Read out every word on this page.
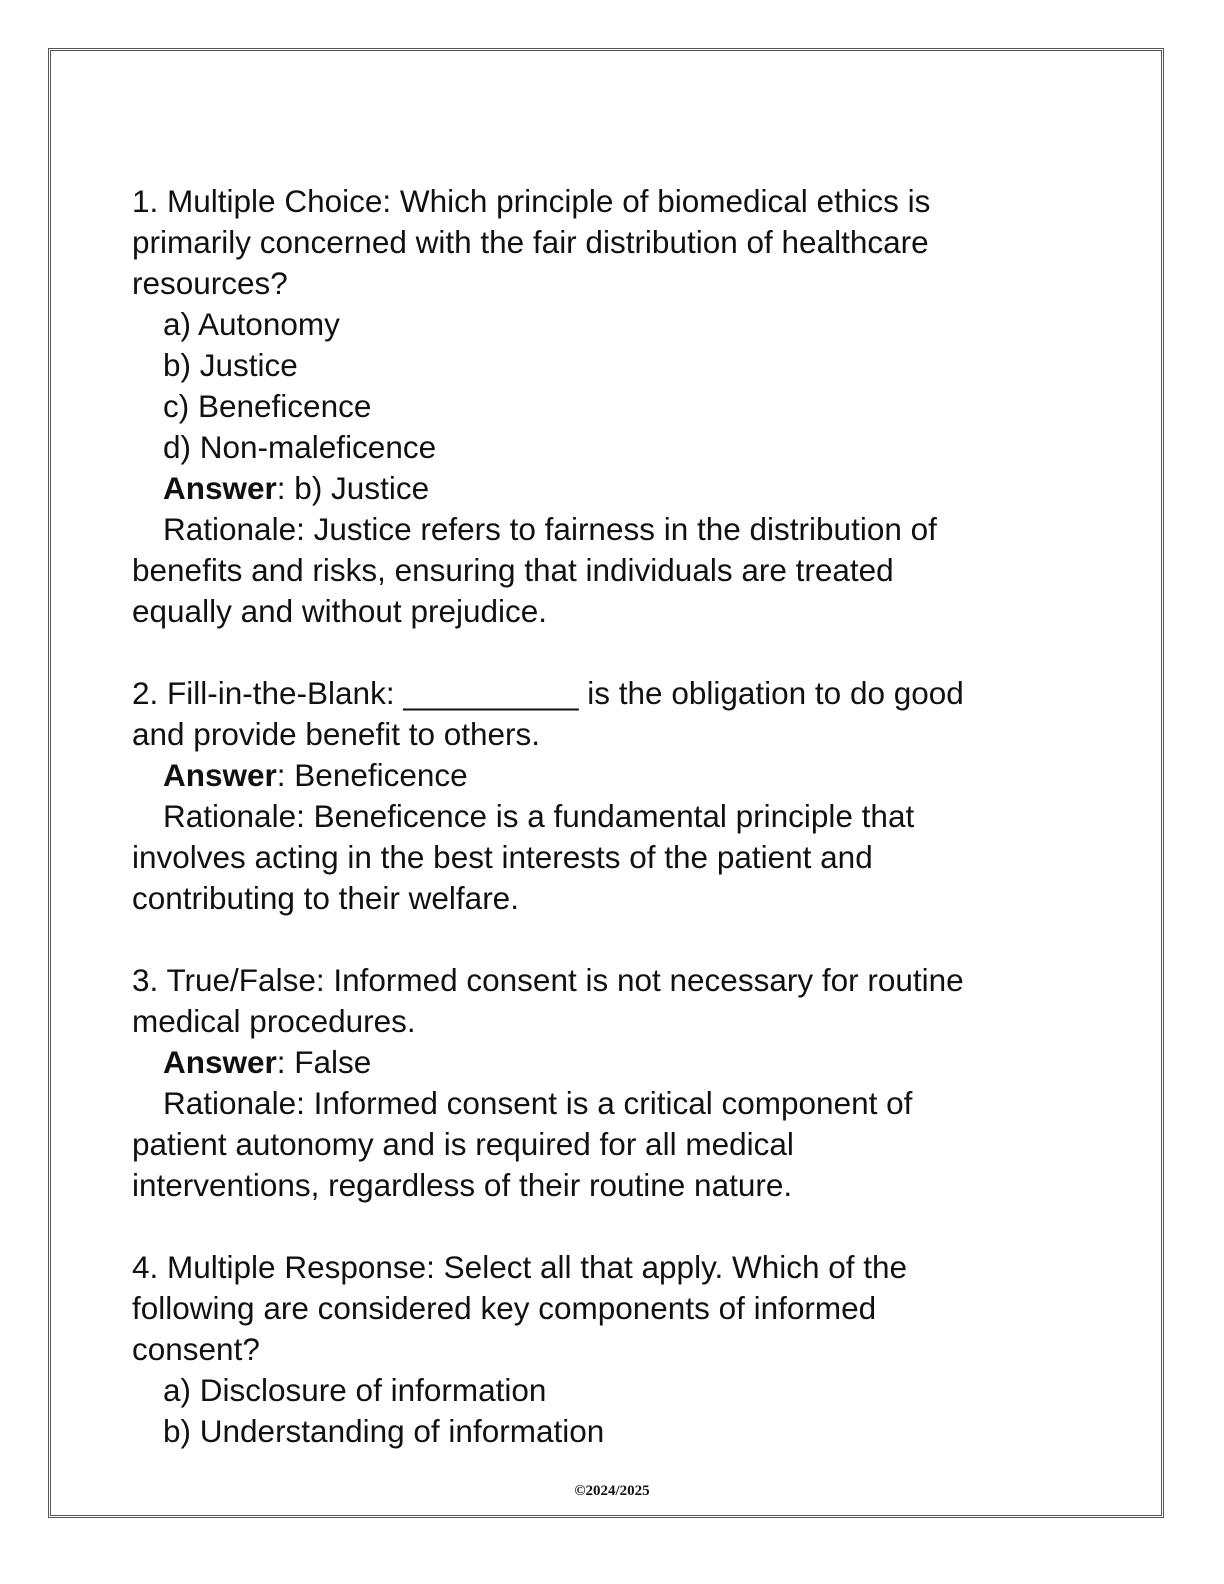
1. Multiple Choice: Which principle of biomedical ethics is

primarily concerned with the fair distribution of healthcare

resources?

a) Autonomy

b) Justice

c) Beneficence

d) Non-maleficence

Answer: b) Justice

Rationale: Justice refers to fairness in the distribution of

benefits and risks, ensuring that individuals are treated

equally and without prejudice.

2. Fill-in-the-Blank: __________ is the obligation to do good

and provide benefit to others.

Answer: Beneficence

Rationale: Beneficence is a fundamental principle that

involves acting in the best interests of the patient and

contributing to their welfare.

3. True/False: Informed consent is not necessary for routine

medical procedures.

Answer: False

Rationale: Informed consent is a critical component of

patient autonomy and is required for all medical

interventions, regardless of their routine nature.

4. Multiple Response: Select all that apply. Which of the

following are considered key components of informed

consent?

a) Disclosure of information

b) Understanding of information

©2024/2025
